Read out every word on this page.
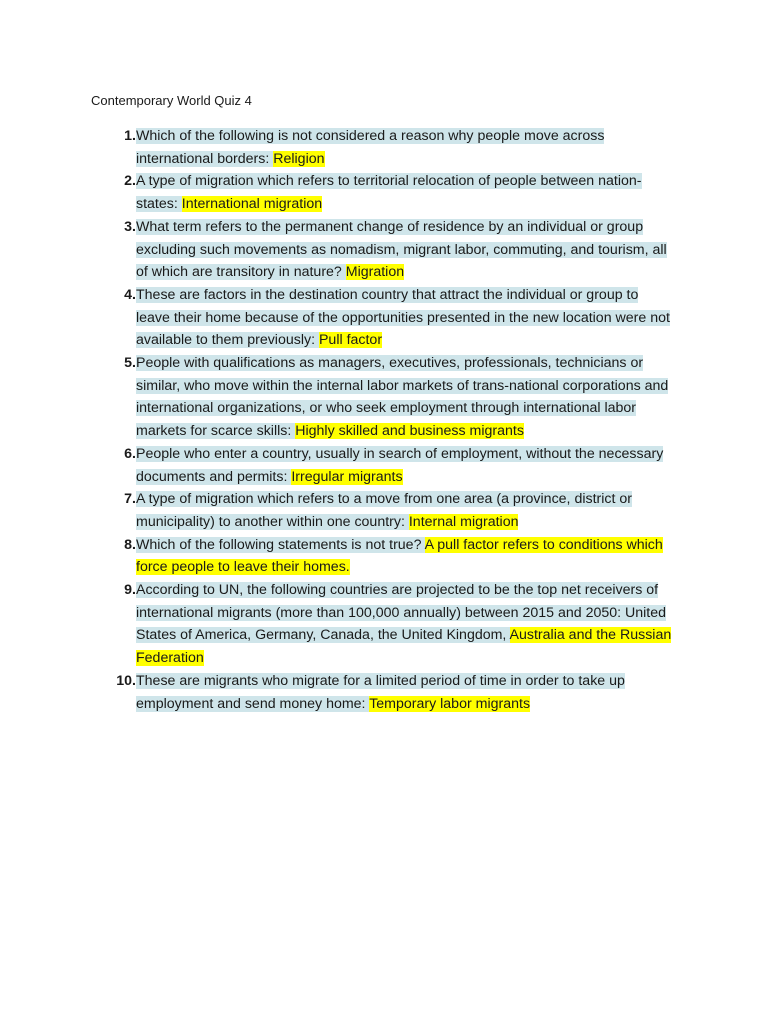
Contemporary World Quiz 4
1. Which of the following is not considered a reason why people move across international borders: Religion
2. A type of migration which refers to territorial relocation of people between nation-states: International migration
3. What term refers to the permanent change of residence by an individual or group excluding such movements as nomadism, migrant labor, commuting, and tourism, all of which are transitory in nature? Migration
4. These are factors in the destination country that attract the individual or group to leave their home because of the opportunities presented in the new location were not available to them previously: Pull factor
5. People with qualifications as managers, executives, professionals, technicians or similar, who move within the internal labor markets of trans-national corporations and international organizations, or who seek employment through international labor markets for scarce skills: Highly skilled and business migrants
6. People who enter a country, usually in search of employment, without the necessary documents and permits: Irregular migrants
7. A type of migration which refers to a move from one area (a province, district or municipality) to another within one country: Internal migration
8. Which of the following statements is not true? A pull factor refers to conditions which force people to leave their homes.
9. According to UN, the following countries are projected to be the top net receivers of international migrants (more than 100,000 annually) between 2015 and 2050: United States of America, Germany, Canada, the United Kingdom, Australia and the Russian Federation
10. These are migrants who migrate for a limited period of time in order to take up employment and send money home: Temporary labor migrants
